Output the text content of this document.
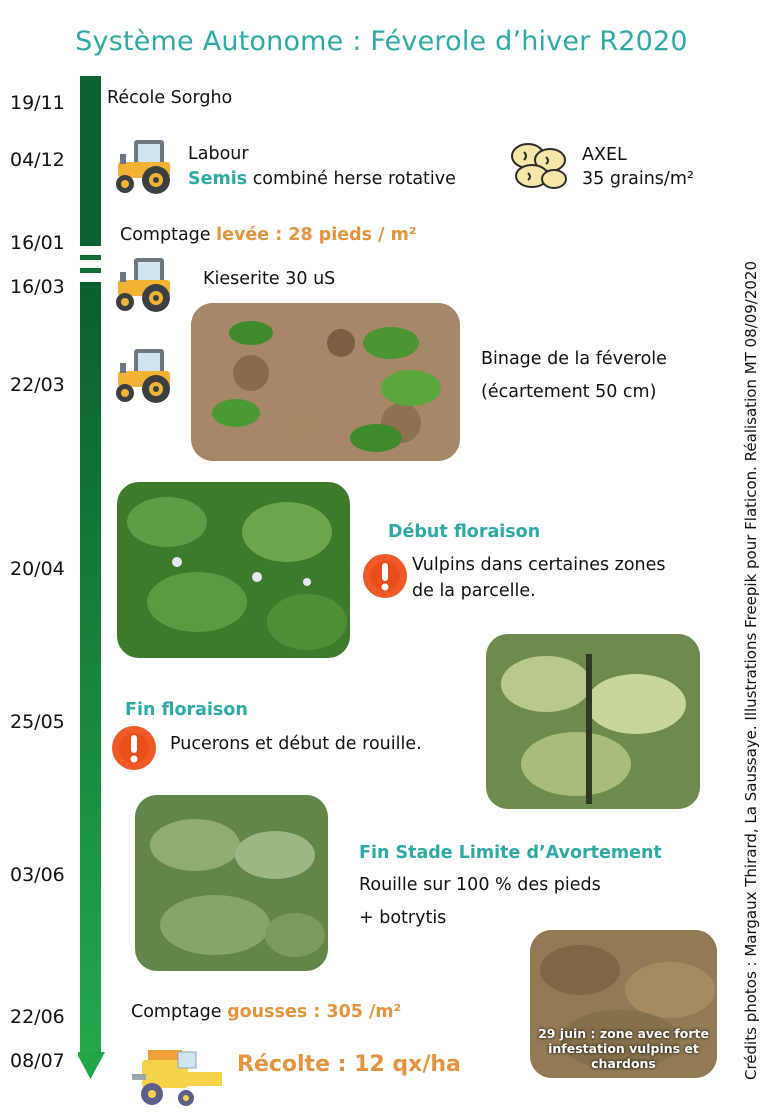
Système Autonome : Féverole d’hiver R2020
19/11
04/12
16/01
16/03
22/03
20/04
25/05
03/06
22/06
08/07
Récole Sorgho
Labour
Semis combiné herse rotative
AXEL
35 grains/m²
Comptage levée : 28 pieds / m²
Kieserite 30 uS
Binage de la féverole
(écartement 50 cm)
Début floraison
Vulpins dans certaines zones
de la parcelle.
Fin floraison
Pucerons et début de rouille.
Fin Stade Limite d’Avortement
Rouille sur 100 % des pieds
+ botrytis
29 juin : zone avec forte infestation vulpins et chardons
Comptage gousses : 305 /m²
Récolte : 12 qx/ha	Crédits photos : Margaux Thirard, La Saussaye. Illustrations Freepik pour Flaticon. Réalisation MT 08/09/2020
